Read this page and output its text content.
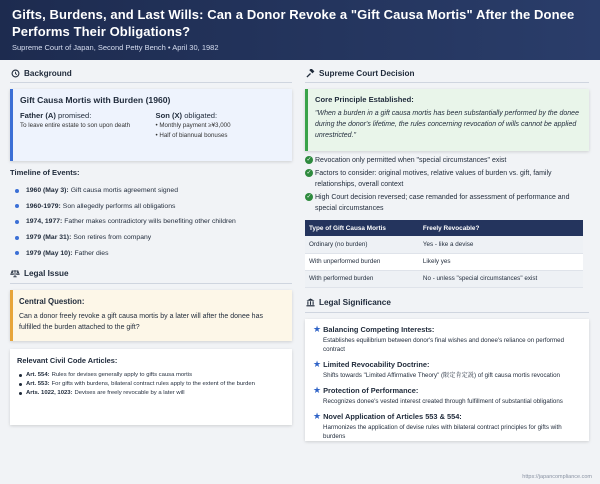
Gifts, Burdens, and Last Wills: Can a Donor Revoke a "Gift Causa Mortis" After the Donee Performs Their Obligations?
Supreme Court of Japan, Second Petty Bench • April 30, 1982
Background
Gift Causa Mortis with Burden (1960)
Father (A) promised:
To leave entire estate to son upon death
Son (X) obligated:
• Monthly payment ≥¥3,000
• Half of biannual bonuses
Timeline of Events:
1960 (May 3): Gift causa mortis agreement signed
1960-1979: Son allegedly performs all obligations
1974, 1977: Father makes contradictory wills benefiting other children
1979 (Mar 31): Son retires from company
1979 (May 10): Father dies
Legal Issue
Central Question:
Can a donor freely revoke a gift causa mortis by a later will after the donee has fulfilled the burden attached to the gift?
Relevant Civil Code Articles:
Art. 554: Rules for devises generally apply to gifts causa mortis
Art. 553: For gifts with burdens, bilateral contract rules apply to the extent of the burden
Arts. 1022, 1023: Devises are freely revocable by a later will
Supreme Court Decision
Core Principle Established:
"When a burden in a gift causa mortis has been substantially performed by the donee during the donor's lifetime, the rules concerning revocation of wills cannot be applied unrestricted."
✓ Revocation only permitted when "special circumstances" exist
✓ Factors to consider: original motives, relative values of burden vs. gift, family relationships, overall context
✓ High Court decision reversed; case remanded for assessment of performance and special circumstances
Type of Gift Causa Mortis	Freely Revocable?
Ordinary (no burden)	Yes - like a devise
With unperformed burden	Likely yes
With performed burden	No - unless "special circumstances" exist
Legal Significance
★ Balancing Competing Interests:
Establishes equilibrium between donor's final wishes and donee's reliance on performed contract
★ Limited Revocability Doctrine:
Shifts towards "Limited Affirmative Theory" (限定肯定説) of gift causa mortis revocation
★ Protection of Performance:
Recognizes donee's vested interest created through fulfillment of substantial obligations
★ Novel Application of Articles 553 & 554:
Harmonizes the application of devise rules with bilateral contract principles for gifts with burdens
https://japancompliance.com
